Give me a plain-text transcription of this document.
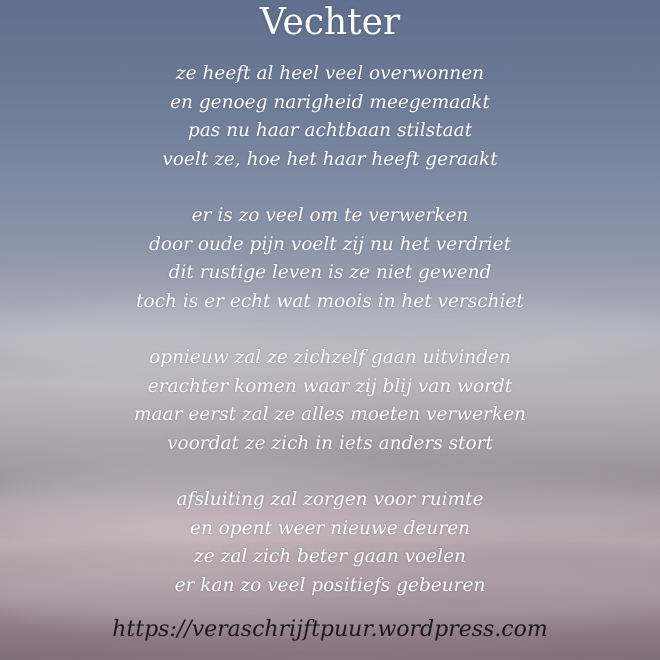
Vechter
ze heeft al heel veel overwonnen
en genoeg narigheid meegemaakt
pas nu haar achtbaan stilstaat
voelt ze, hoe het haar heeft geraakt
er is zo veel om te verwerken
door oude pijn voelt zij nu het verdriet
dit rustige leven is ze niet gewend
toch is er echt wat moois in het verschiet
opnieuw zal ze zichzelf gaan uitvinden
erachter komen waar zij blij van wordt
maar eerst zal ze alles moeten verwerken
voordat ze zich in iets anders stort
afsluiting zal zorgen voor ruimte
en opent weer nieuwe deuren
ze zal zich beter gaan voelen
er kan zo veel positiefs gebeuren
https://veraschrijftpuur.wordpress.com
